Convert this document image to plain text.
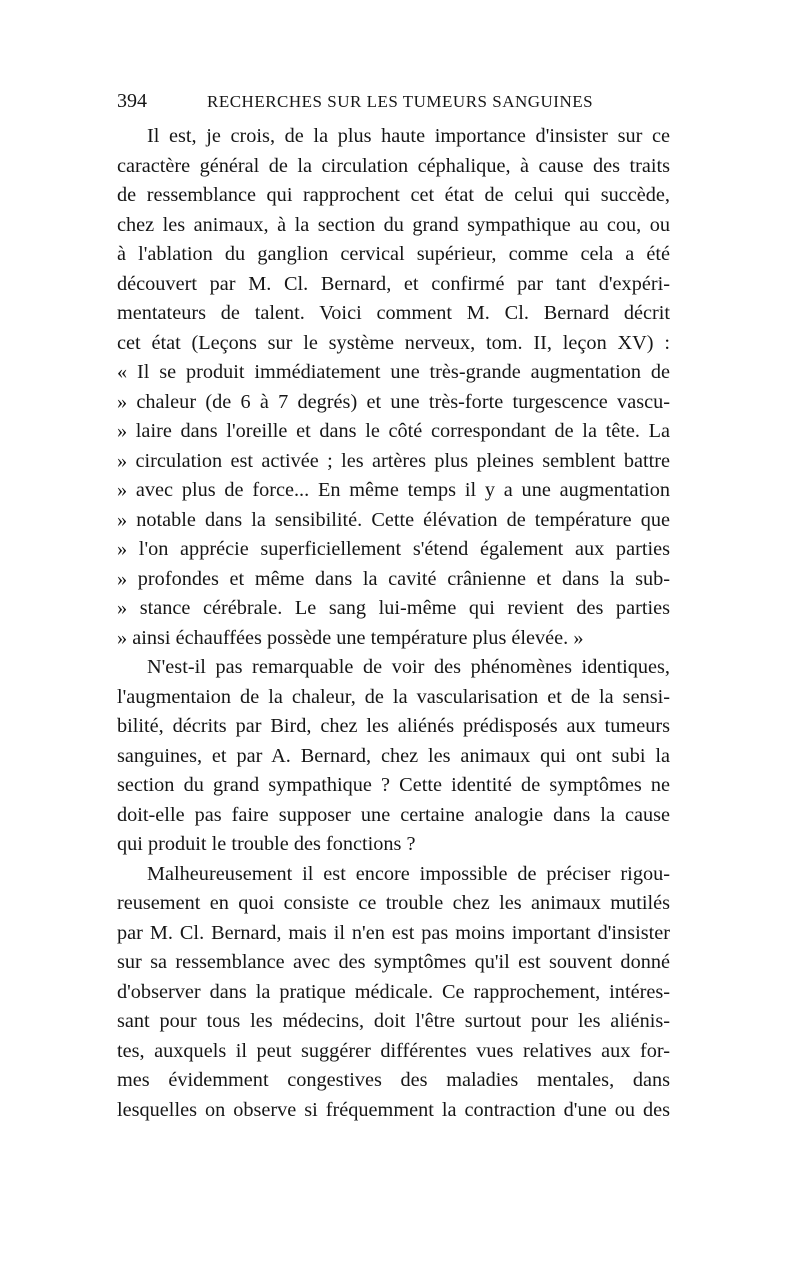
394	RECHERCHES SUR LES TUMEURS SANGUINES
Il est, je crois, de la plus haute importance d'insister sur ce
caractère général de la circulation céphalique, à cause des traits
de ressemblance qui rapprochent cet état de celui qui succède,
chez les animaux, à la section du grand sympathique au cou, ou
à l'ablation du ganglion cervical supérieur, comme cela a été
découvert par M. Cl. Bernard, et confirmé par tant d'expéri-
mentateurs de talent. Voici comment M. Cl. Bernard décrit
cet état (Leçons sur le système nerveux, tom. II, leçon XV) :
« Il se produit immédiatement une très-grande augmentation de
» chaleur (de 6 à 7 degrés) et une très-forte turgescence vascu-
» laire dans l'oreille et dans le côté correspondant de la tête. La
» circulation est activée ; les artères plus pleines semblent battre
» avec plus de force... En même temps il y a une augmentation
» notable dans la sensibilité. Cette élévation de température que
» l'on apprécie superficiellement s'étend également aux parties
» profondes et même dans la cavité crânienne et dans la sub-
» stance cérébrale. Le sang lui-même qui revient des parties
» ainsi échauffées possède une température plus élevée. »
N'est-il pas remarquable de voir des phénomènes identiques,
l'augmentaion de la chaleur, de la vascularisation et de la sensi-
bilité, décrits par Bird, chez les aliénés prédisposés aux tumeurs
sanguines, et par A. Bernard, chez les animaux qui ont subi la
section du grand sympathique ? Cette identité de symptômes ne
doit-elle pas faire supposer une certaine analogie dans la cause
qui produit le trouble des fonctions ?
Malheureusement il est encore impossible de préciser rigou-
reusement en quoi consiste ce trouble chez les animaux mutilés
par M. Cl. Bernard, mais il n'en est pas moins important d'insister
sur sa ressemblance avec des symptômes qu'il est souvent donné
d'observer dans la pratique médicale. Ce rapprochement, intéres-
sant pour tous les médecins, doit l'être surtout pour les aliénis-
tes, auxquels il peut suggérer différentes vues relatives aux for-
mes évidemment congestives des maladies mentales, dans
lesquelles on observe si fréquemment la contraction d'une ou des
